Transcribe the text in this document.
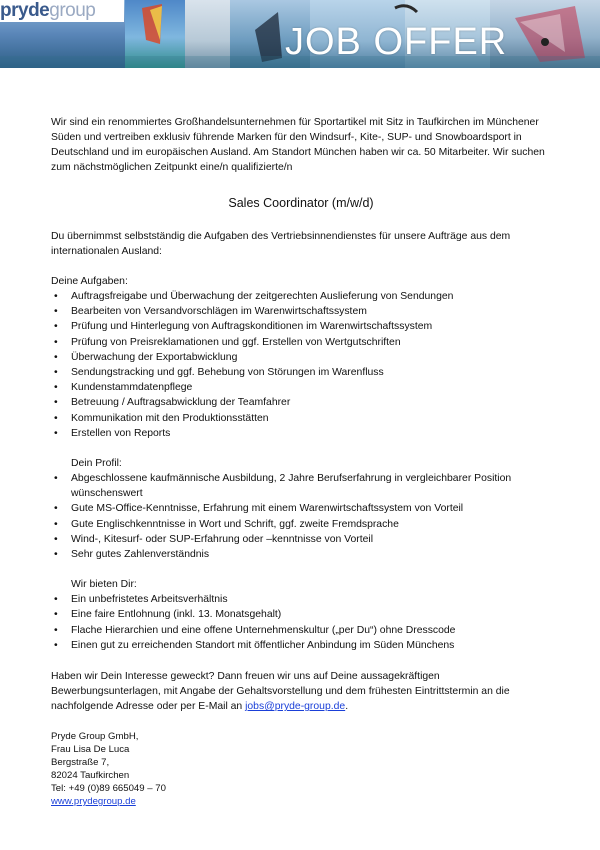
prydegroup
JOB OFFER

Wir sind ein renommiertes Großhandelsunternehmen für Sportartikel mit Sitz in Taufkirchen im Münchener Süden und vertreiben exklusiv führende Marken für den Windsurf-, Kite-, SUP- und Snowboardsport in Deutschland und im europäischen Ausland. Am Standort München haben wir ca. 50 Mitarbeiter. Wir suchen zum nächstmöglichen Zeitpunkt eine/n qualifizierte/n

Sales Coordinator (m/w/d)

Du übernimmst selbstständig die Aufgaben des Vertriebsinnendienstes für unsere Aufträge aus dem internationalen Ausland:

Deine Aufgaben:

• Auftragsfreigabe und Überwachung der zeitgerechten Auslieferung von Sendungen
• Bearbeiten von Versandvorschlägen im Warenwirtschaftssystem
• Prüfung und Hinterlegung von Auftragskonditionen im Warenwirtschaftssystem
• Prüfung von Preisreklamationen und ggf. Erstellen von Wertgutschriften
• Überwachung der Exportabwicklung
• Sendungstracking und ggf. Behebung von Störungen im Warenfluss
• Kundenstammdatenpflege
• Betreuung / Auftragsabwicklung der Teamfahrer
• Kommunikation mit den Produktionsstätten
• Erstellen von Reports

Dein Profil:

• Abgeschlossene kaufmännische Ausbildung, 2 Jahre Berufserfahrung in vergleichbarer Position wünschenswert
• Gute MS-Office-Kenntnisse, Erfahrung mit einem Warenwirtschaftssystem von Vorteil
• Gute Englischkenntnisse in Wort und Schrift, ggf. zweite Fremdsprache
• Wind-, Kitesurf- oder SUP-Erfahrung oder –kenntnisse von Vorteil
• Sehr gutes Zahlenverständnis

Wir bieten Dir:

• Ein unbefristetes Arbeitsverhältnis
• Eine faire Entlohnung (inkl. 13. Monatsgehalt)
• Flache Hierarchien und eine offene Unternehmenskultur („per Du“) ohne Dresscode
• Einen gut zu erreichenden Standort mit öffentlicher Anbindung im Süden Münchens

Haben wir Dein Interesse geweckt? Dann freuen wir uns auf Deine aussagekräftigen Bewerbungsunterlagen, mit Angabe der Gehaltsvorstellung und dem frühesten Eintrittstermin an die nachfolgende Adresse oder per E-Mail an jobs@pryde-group.de.

Pryde Group GmbH,
Frau Lisa De Luca
Bergstraße 7,
82024 Taufkirchen
Tel: +49 (0)89 665049 – 70
www.prydegroup.de
